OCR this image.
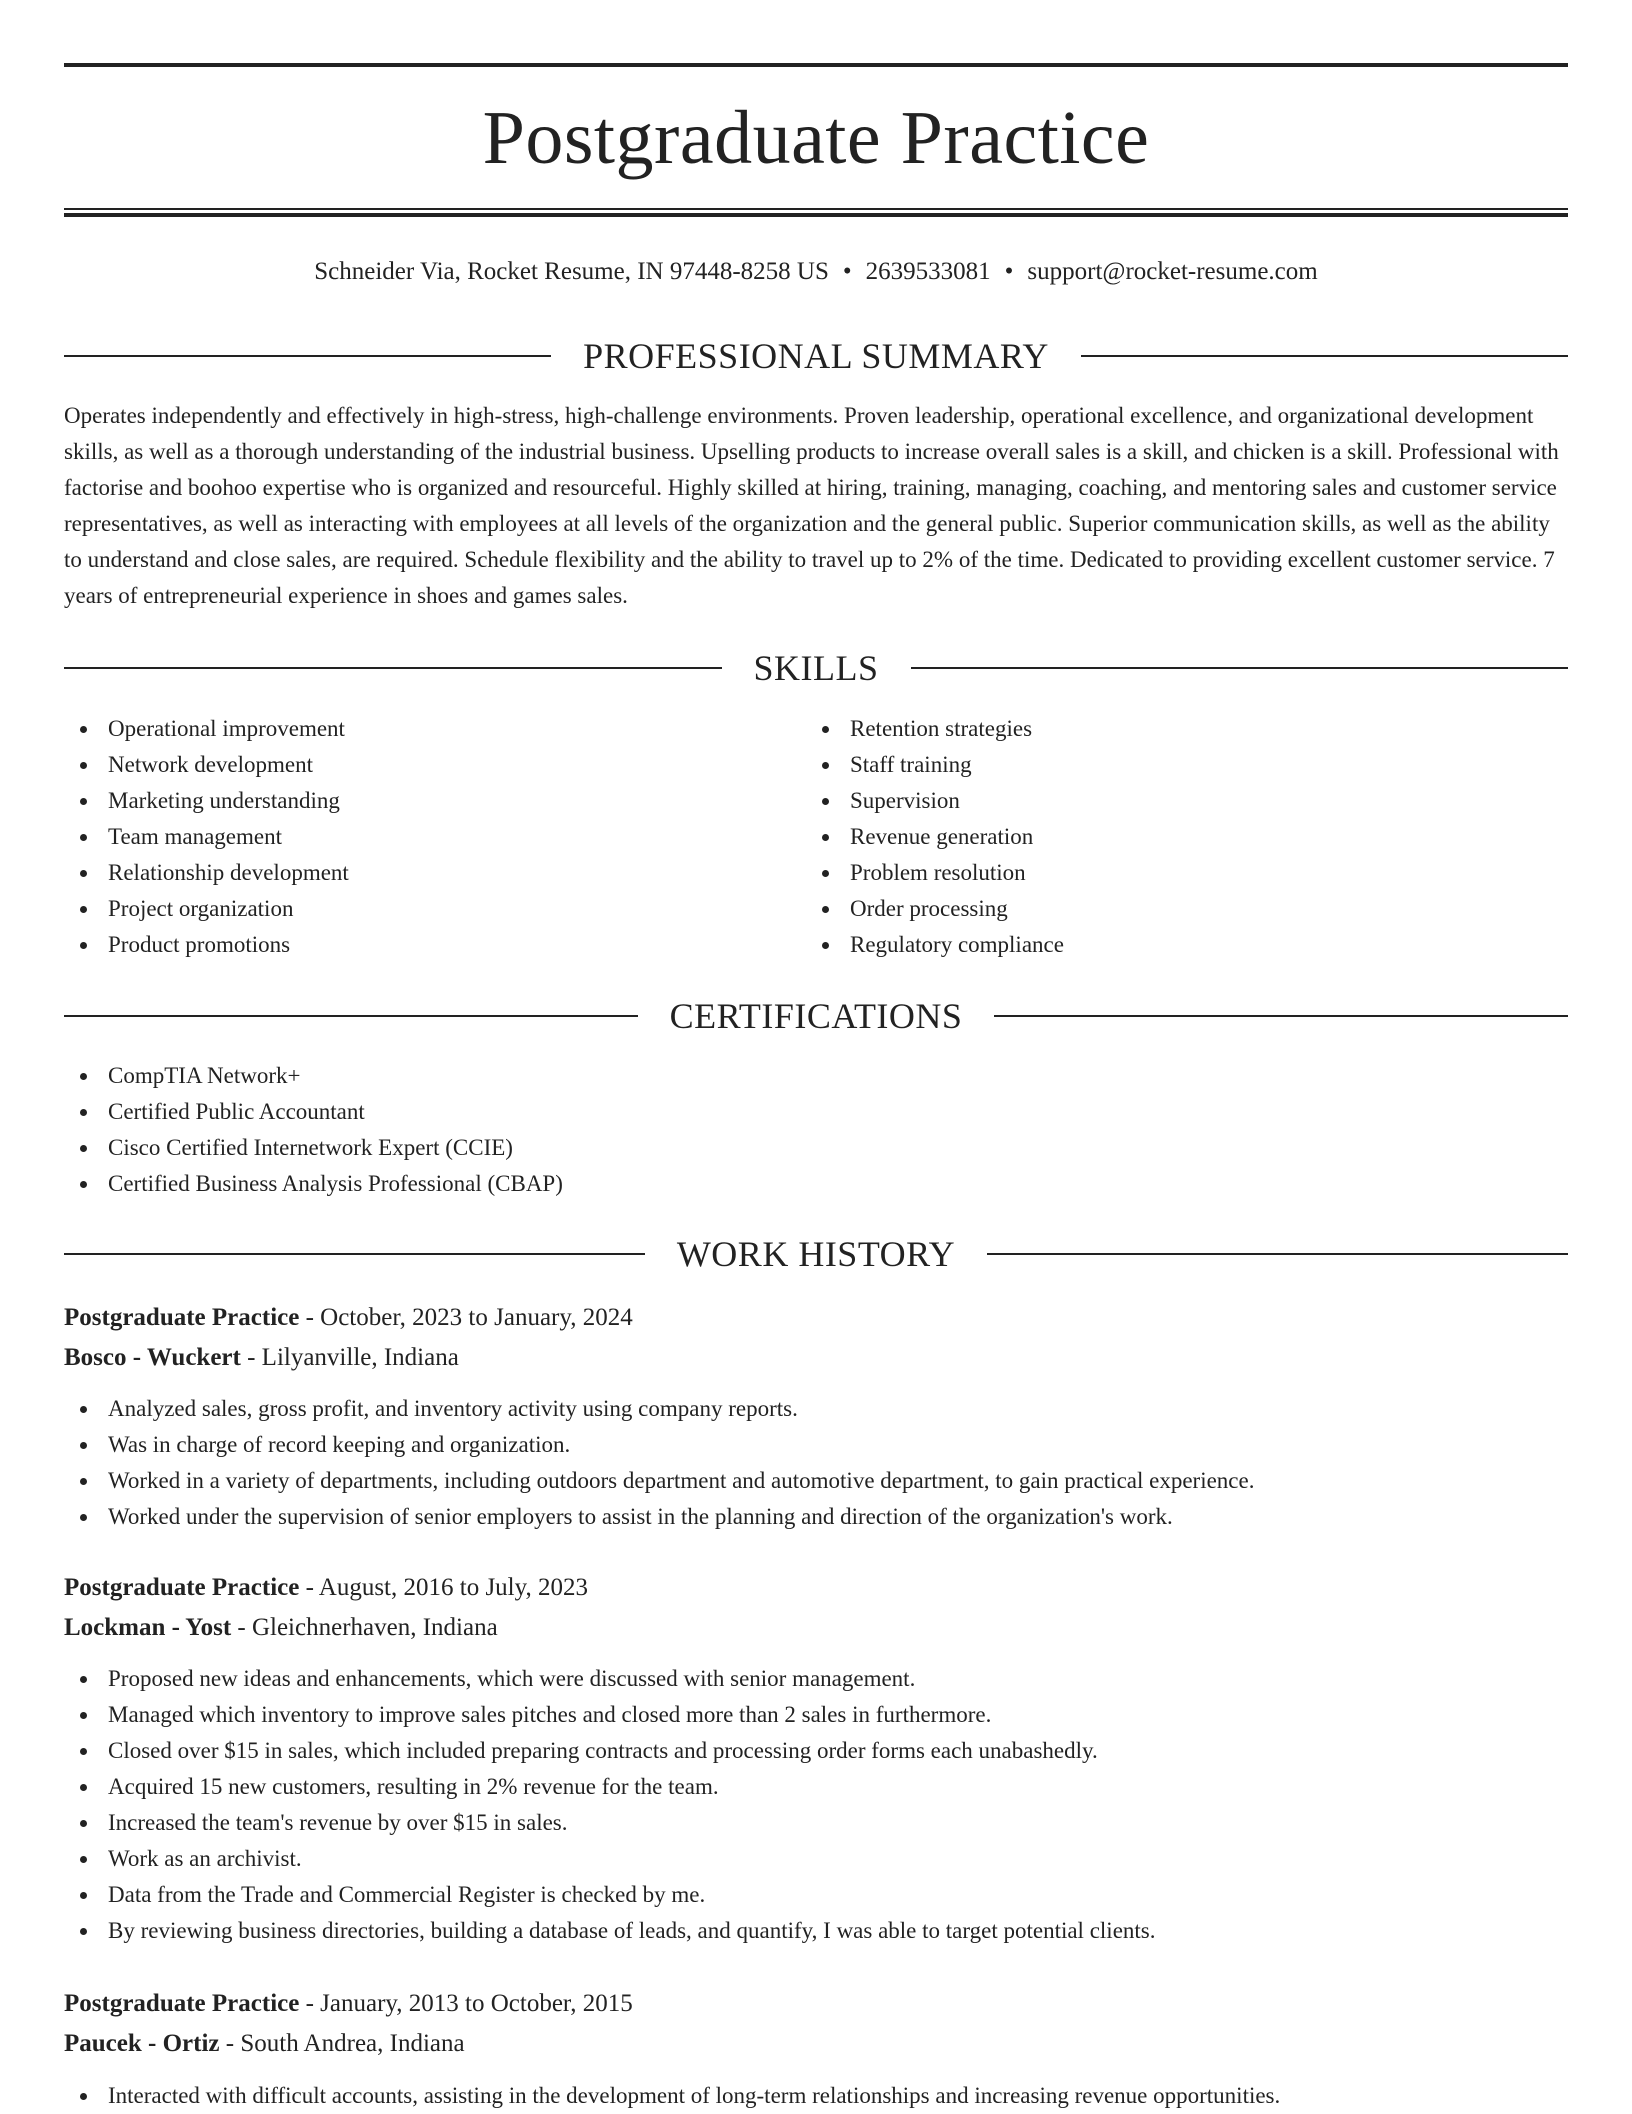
Postgraduate Practice
Schneider Via, Rocket Resume, IN 97448-8258 US • 2639533081 • support@rocket-resume.com
PROFESSIONAL SUMMARY

Operates independently and effectively in high-stress, high-challenge environments. Proven leadership, operational excellence, and organizational development skills, as well as a thorough understanding of the industrial business. Upselling products to increase overall sales is a skill, and chicken is a skill. Professional with factorise and boohoo expertise who is organized and resourceful. Highly skilled at hiring, training, managing, coaching, and mentoring sales and customer service representatives, as well as interacting with employees at all levels of the organization and the general public. Superior communication skills, as well as the ability to understand and close sales, are required. Schedule flexibility and the ability to travel up to 2% of the time. Dedicated to providing excellent customer service. 7 years of entrepreneurial experience in shoes and games sales.

SKILLS
Operational improvement
Network development
Marketing understanding
Team management
Relationship development
Project organization
Product promotions
Retention strategies
Staff training
Supervision
Revenue generation
Problem resolution
Order processing
Regulatory compliance
CERTIFICATIONS
CompTIA Network+
Certified Public Accountant
Cisco Certified Internetwork Expert (CCIE)
Certified Business Analysis Professional (CBAP)
WORK HISTORY
Postgraduate Practice - October, 2023 to January, 2024
Bosco - Wuckert - Lilyanville, Indiana
Analyzed sales, gross profit, and inventory activity using company reports.
Was in charge of record keeping and organization.
Worked in a variety of departments, including outdoors department and automotive department, to gain practical experience.
Worked under the supervision of senior employers to assist in the planning and direction of the organization's work.
Postgraduate Practice - August, 2016 to July, 2023
Lockman - Yost - Gleichnerhaven, Indiana
Proposed new ideas and enhancements, which were discussed with senior management.
Managed which inventory to improve sales pitches and closed more than 2 sales in furthermore.
Closed over $15 in sales, which included preparing contracts and processing order forms each unabashedly.
Acquired 15 new customers, resulting in 2% revenue for the team.
Increased the team's revenue by over $15 in sales.
Work as an archivist.
Data from the Trade and Commercial Register is checked by me.
By reviewing business directories, building a database of leads, and quantify, I was able to target potential clients.
Postgraduate Practice - January, 2013 to October, 2015
Paucek - Ortiz - South Andrea, Indiana
Interacted with difficult accounts, assisting in the development of long-term relationships and increasing revenue opportunities.
